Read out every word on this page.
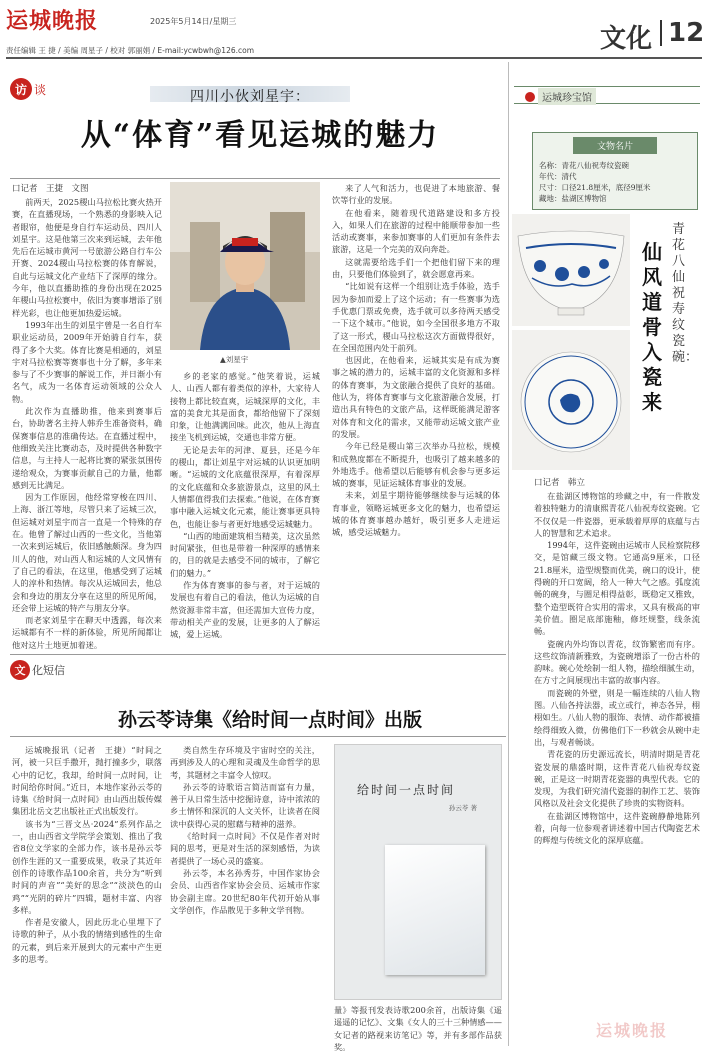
运城晚报	2025年5月14日/星期三
责任编辑 王 捷 / 美编 周星子 / 校对 郭丽娟 / E-mail:ycwbwh@126.com	文化 12
访 谈	四川小伙刘星宇：
从“体育”看见运城的魅力
口记者　王捷　文图

前两天，2025稷山马拉松比赛火热开赛，在直播现场，一个熟悉的身影映入记者眼帘，他便是身自行车运动员、四川人刘星宇。这是他第三次来到运城，去年他先后在运城市黄河一号旅游公路自行车公开赛、2024稷山马拉松赛的体育解说，自此与运城文化产业结下了深厚的缘分。今年，他以直播助推的身份出现在2025年稷山马拉松赛中，依旧为赛事增添了别样光彩，也让他更加热爱运城。

1993年出生的刘星宇曾是一名自行车职业运动员，2009年开始骑自行车，获得了多个大奖。体育比赛是相通的，刘星宇对马拉松赛等赛事也十分了解，多年来参与了不少赛事的解说工作，并日渐小有名气，成为一名体育运动领域的公众人物。

此次作为直播助推，他来到赛事后台，协助著名主持人韩乔生准备资料，确保赛事信息的准确传达。在直播过程中，他细致关注比赛动态，及时提供各种数字信息，与主持人一起将比赛的紧张氛围传递给观众，为赛事贡献自己的力量，他都感到无比满足。

因为工作原因，他经常穿梭在四川、上海、浙江等地，尽管只来了运城三次，但运城对刘星宇而言一直是一个特殊的存在。他曾了解过山西的一些文化，当他第一次来到运城后，依旧感触颇深。身为四川人的他，对山西人和运城的人文风情有了自己的看法，在这里，他感受到了运城人的淳朴和热情。每次从运城回去，他总会和身边的朋友分享在这里的所见所闻，还会带上运城的特产与朋友分享。

而老家刘星宇在聊天中透露，每次来运城都有不一样的新体验，所见所闻都让他对这片土地更加着迷。

▲刘星宇

乡的老家的感觉。”他笑着说，运城人、山西人都有着类似的淳朴，大家待人接物上都比较直爽，运城深厚的文化，丰富的美食尤其是面食，都给他留下了深刻印象，让他满满回味。此次，他从上海直接坐飞机到运城，交通也非常方便。

无论是去年的河津、夏县，还是今年的稷山，都让刘星宇对运城的认识更加明晰。“运城的文化底蕴很深厚，有着深厚的文化底蕴和众多旅游景点，这里的风土人情都值得我们去探索。”他说，在体育赛事中融入运城文化元素，能让赛事更具特色，也能让参与者更好地感受运城魅力。

“山西的地面建筑相当精美，这次虽然时间紧张，但也是带着一种深厚的感情来的，目的就是去感受不同的城市，了解它们的魅力。”

作为体育赛事的参与者，对于运城的发展也有着自己的看法，他认为运城的自然资源非常丰富，但还需加大宣传力度，带动相关产业的发展，让更多的人了解运城，爱上运城。

来了人气和活力，也促进了本地旅游、餐饮等行业的发展。

在他看来，随着现代道路建设和多方投入，如果人们在旅游的过程中能顺带参加一些活动或赛事，来参加赛事的人们更加有条件去旅游，这是一个完美的双向奔赴。

这就需要给选手们一个把他们留下来的理由，只要他们体验到了，就会愿意再来。

“比如说有这样一个组别让选手体验，选手因为参加而爱上了这个运动；有一些赛事为选手优惠门票或免费，选手就可以多待两天感受一下这个城市。”他说，如今全国很多地方不取了这一形式，稷山马拉松这次方面做得很好，在全国范围内处于前列。

也因此，在他看来，运城其实是有成为赛事之城的潜力的，运城丰富的文化资源和多样的体育赛事，为文旅融合提供了良好的基础。他认为，将体育赛事与文化旅游融合发展，打造出具有特色的文旅产品，这样既能满足游客对体育和文化的需求，又能带动运城文旅产业的发展。

今年已经是稷山第三次举办马拉松，规模和成熟度都在不断提升，也吸引了越来越多的外地选手。他希望以后能够有机会参与更多运城的赛事，见证运城体育事业的发展。

未来，刘星宇期待能够继续参与运城的体育事业，领略运城更多文化的魅力，也希望运城的体育赛事越办越好，吸引更多人走进运城，感受运城魅力。

运城珍宝馆
文物名片
名称：青花八仙祝寿纹瓷碗
年代：清代
尺寸：口径21.8厘米，底径9厘米
藏地：盐湖区博物馆
青花八仙祝寿纹瓷碗：
仙风道骨入瓷来
口记者　韩立

在盐湖区博物馆的珍藏之中，有一件散发着独特魅力的清康熙青花八仙祝寿纹瓷碗。它不仅仅是一件瓷器，更承载着厚厚的底蕴与古人的智慧和艺术追求。

1994年，这件瓷碗由运城市人民检察院移交，是馆藏三级文物。它通高9厘米，口径21.8厘米，造型规整而优美，碗口的设计，使得碗的开口宽阔，给人一种大气之感。弧度流畅的碗身，与圈足相得益彰，既稳定又雅致，整个造型既符合实用的需求，又具有极高的审美价值。圈足底部施釉，修坯规整，线条流畅。

瓷碗内外均饰以青花，纹饰繁密而有序。这些纹饰清新雅致，为瓷碗增添了一份古朴的韵味。碗心处绘制一组人物，描绘细腻生动，在方寸之间展现出丰富的故事内容。

而瓷碗的外壁，则是一幅连续的八仙人物图。八仙各持法器，或立或行，神态各异，栩栩如生。八仙人物的服饰、表情、动作都被描绘得细致入微，仿佛他们下一秒就会从碗中走出，与观者畅谈。

青花瓷的历史源远流长，明清时期是青花瓷发展的鼎盛时期，这件青花八仙祝寿纹瓷碗，正是这一时期青花瓷器的典型代表。它的发现，为我们研究清代瓷器的制作工艺、装饰风格以及社会文化提供了珍贵的实物资料。

在盐湖区博物馆中，这件瓷碗静静地陈列着，向每一位参观者讲述着中国古代陶瓷艺术的辉煌与传统文化的深厚底蕴。

文 化短信
孙云苓诗集《给时间一点时间》出版

运城晚报讯（记者　王捷）“时间之河，被一只巨手撒开，抛打撞多少，联落心中的记忆，我却，给时间一点时间，让时间给你时间。”近日，本地作家孙云苓的诗集《给时间一点时间》由山西出版传媒集团北岳文艺出版社正式出版发行。

该书为“三晋文丛·2024”系列作品之一，由山西省文学院学会策划、推出了我省8位文学家的全部力作，该书是孙云苓创作生涯的又一重要成果，收录了其近年创作的诗歌作品100余首，共分为“听到时间的声音”“美好的思念”“淡淡色的山鸡”“光阴的碎片”四辑，题材丰富、内容多样。

作者是安徽人，因此历北心里埋下了诗歌的种子，从小我的情绪到感性的生命的元素，到后来开展到大的元素中产生更多的思考。

类自然生存环境及宇宙时空的关注，再到涉及人的心理和灵魂及生命哲学的思考，其题材之丰富令人惊叹。

孙云苓的诗歌语言简洁而富有力量，善于从日常生活中挖掘诗意，诗中浓浓的乡土情怀和深沉的人文关怀，让读者在阅读中获得心灵的慰藉与精神的滋养。

《给时间一点时间》不仅是作者对时间的思考，更是对生活的深刻感悟，为读者提供了一场心灵的盛宴。

孙云苓，本名孙秀芬，中国作家协会会员、山西省作家协会会员、运城市作家协会副主席。20世纪80年代初开始从事文学创作，作品散见于多种文学刊物。

给时间一点时间
孙云苓 著

量》等报刊发表诗歌200余首，出版诗集《遥遥遥的记忆》、文集《女人的三十三种情感——女记者的路视来访笔记》等，并有多部作品获奖。

运城晚报
